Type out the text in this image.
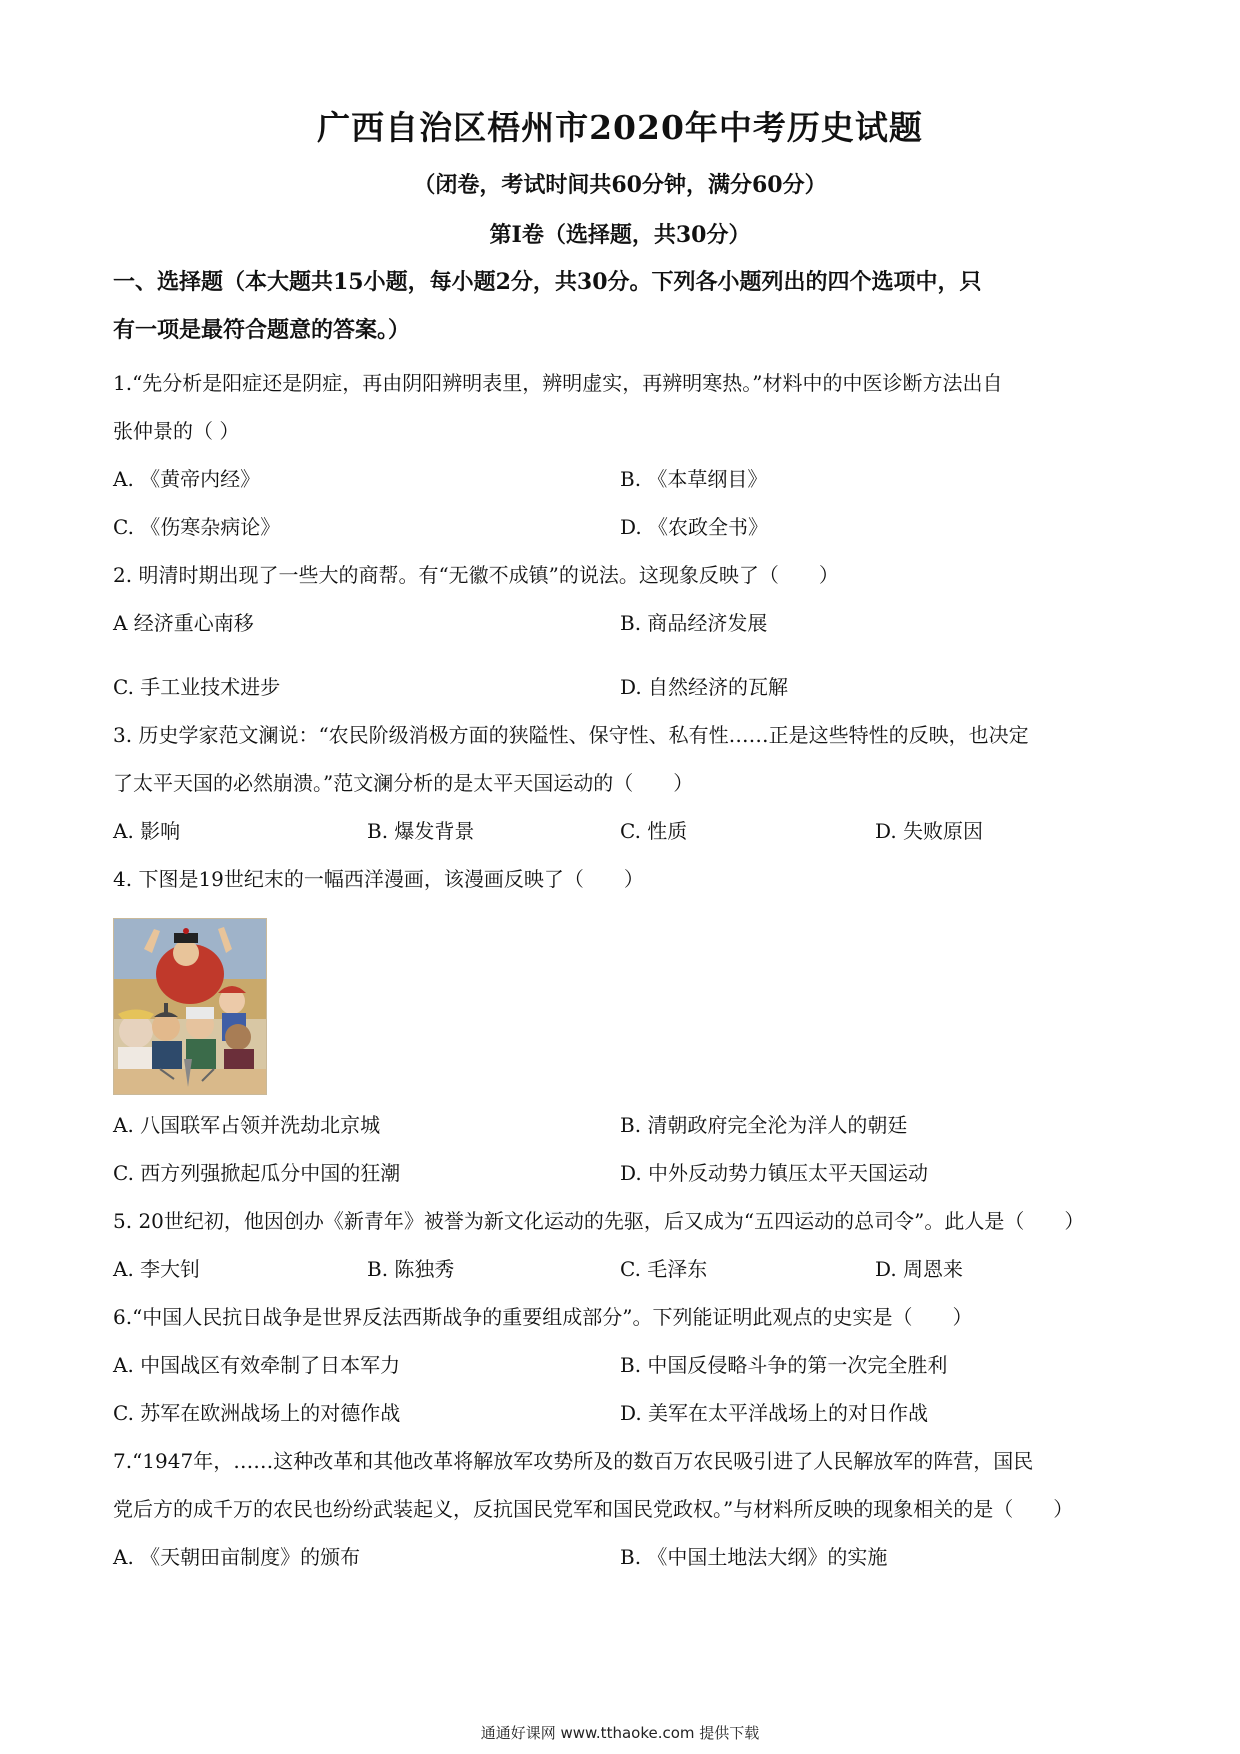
广西自治区梧州市2020年中考历史试题
（闭卷，考试时间共60分钟，满分60分）
第Ⅰ卷（选择题，共30分）
一、选择题（本大题共15小题，每小题2分，共30分。下列各小题列出的四个选项中，只
有一项是最符合题意的答案。）
1.“先分析是阳症还是阴症，再由阴阳辨明表里，辨明虚实，再辨明寒热。”材料中的中医诊断方法出自
张仲景的（ ）
A. 《黄帝内经》	B. 《本草纲目》
C. 《伤寒杂病论》	D. 《农政全书》
2. 明清时期出现了一些大的商帮。有“无徽不成镇”的说法。这现象反映了（　　）
A 经济重心南移	B. 商品经济发展
C. 手工业技术进步	D. 自然经济的瓦解
3. 历史学家范文澜说：“农民阶级消极方面的狭隘性、保守性、私有性……正是这些特性的反映，也决定
了太平天国的必然崩溃。”范文澜分析的是太平天国运动的（　　）
A. 影响	B. 爆发背景	C. 性质	D. 失败原因
4. 下图是19世纪末的一幅西洋漫画，该漫画反映了（　　）
A. 八国联军占领并洗劫北京城	B. 清朝政府完全沦为洋人的朝廷
C. 西方列强掀起瓜分中国的狂潮	D. 中外反动势力镇压太平天国运动
5. 20世纪初，他因创办《新青年》被誉为新文化运动的先驱，后又成为“五四运动的总司令”。此人是（　　）
A. 李大钊	B. 陈独秀	C. 毛泽东	D. 周恩来
6.“中国人民抗日战争是世界反法西斯战争的重要组成部分”。下列能证明此观点的史实是（　　）
A. 中国战区有效牵制了日本军力	B. 中国反侵略斗争的第一次完全胜利
C. 苏军在欧洲战场上的对德作战	D. 美军在太平洋战场上的对日作战
7.“1947年，……这种改革和其他改革将解放军攻势所及的数百万农民吸引进了人民解放军的阵营，国民
党后方的成千万的农民也纷纷武装起义，反抗国民党军和国民党政权。”与材料所反映的现象相关的是（　　）
A. 《天朝田亩制度》的颁布	B. 《中国土地法大纲》的实施
通通好课网 www.tthaoke.com 提供下载
